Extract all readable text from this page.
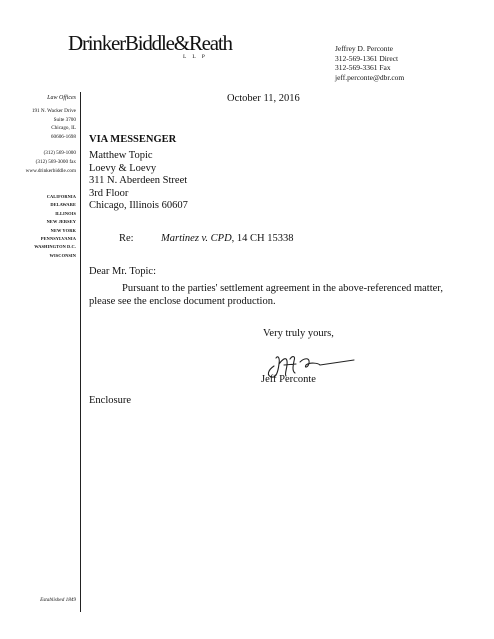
DrinkerBiddle&Reath
LLP
Jeffrey D. Perconte
312-569-1361 Direct
312-569-3361 Fax
jeff.perconte@dbr.com
Law Offices
191 N. Wacker Drive
Suite 3700
Chicago, IL
60606-1698
(312) 569-1000
(312) 569-3000 fax
www.drinkerbiddle.com
CALIFORNIA
DELAWARE
ILLINOIS
NEW JERSEY
NEW YORK
PENNSYLVANIA
WASHINGTON D.C.
WISCONSIN
Established 1849
October 11, 2016
VIA MESSENGER
Matthew Topic
Loevy & Loevy
311 N. Aberdeen Street
3rd Floor
Chicago, Illinois 60607
Re:	Martinez v. CPD, 14 CH 15338
Dear Mr. Topic:
Pursuant to the parties' settlement agreement in the above-referenced matter,
please see the enclose document production.
Very truly yours,
Jeff Perconte
Enclosure
